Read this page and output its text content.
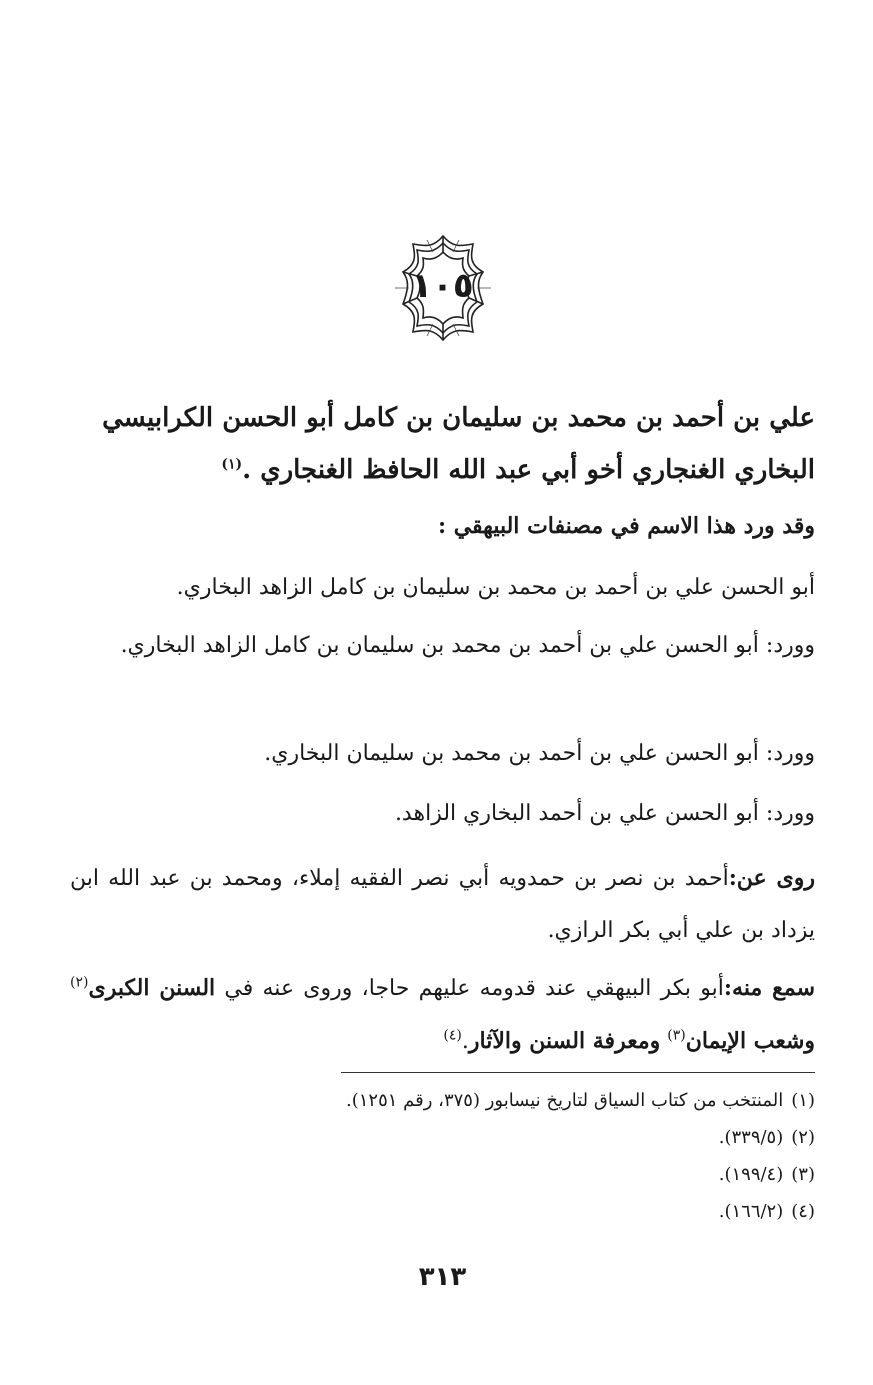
١٠٥

علي بن أحمد بن محمد بن سليمان بن كامل أبو الحسن الكرابيسي

البخاري الغنجاري أخو أبي عبد الله الحافظ الغنجاري .$^{(١)}$

وقد ورد هذا الاسم في مصنفات البيهقي :

أبو الحسن علي بن أحمد بن محمد بن سليمان بن كامل الزاهد البخاري.

وورد: أبو الحسن علي بن أحمد بن محمد بن سليمان بن كامل الزاهد البخاري.

وورد: أبو الحسن علي بن أحمد بن محمد بن سليمان البخاري.

وورد: أبو الحسن علي بن أحمد البخاري الزاهد.

روى عن:أحمد بن نصر بن حمدويه أبي نصر الفقيه إملاء، ومحمد بن عبد الله ابن يزداد بن علي أبي بكر الرازي.

سمع منه:أبو بكر البيهقي عند قدومه عليهم حاجا، وروى عنه في السنن الكبرى$^{(٢)}$ وشعب الإيمان$^{(٣)}$ ومعرفة السنن والآثار.$^{(٤)}$

(١)المنتخب من كتاب السياق لتاريخ نيسابور (٣٧٥، رقم ١٢٥١).
(٢)(٣٣٩/٥).
(٣)(١٩٩/٤).
(٤)(١٦٦/٢).
٣١٣
